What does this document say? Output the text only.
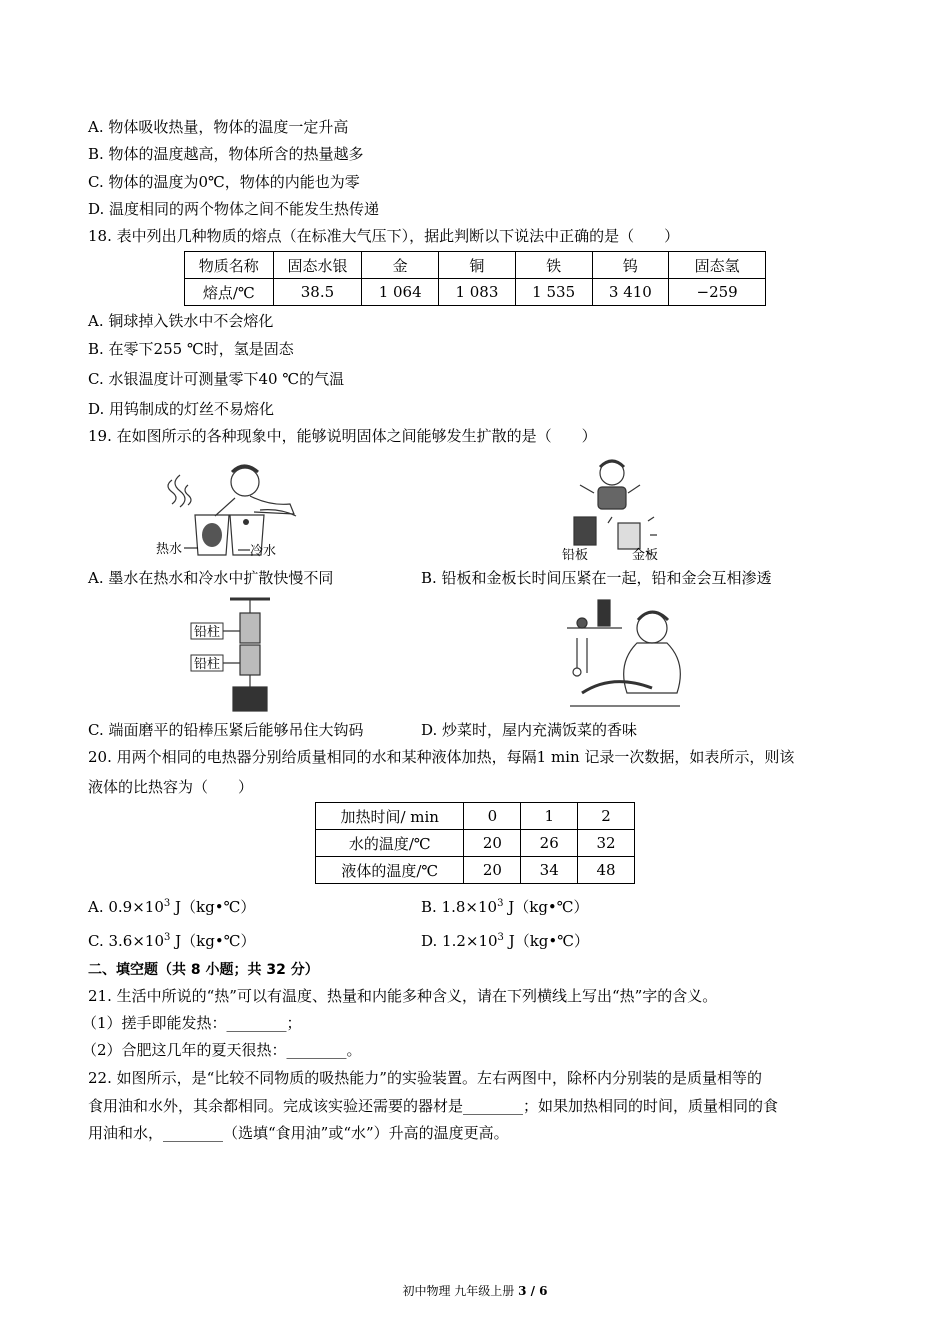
A. 物体吸收热量，物体的温度一定升高
B. 物体的温度越高，物体所含的热量越多
C. 物体的温度为0℃，物体的内能也为零
D. 温度相同的两个物体之间不能发生热传递
18. 表中列出几种物质的熔点（在标准大气压下），据此判断以下说法中正确的是（　　）
物质名称	固态水银	金	铜	铁	钨	固态氢
熔点/℃	38.5	1 064	1 083	1 535	3 410	−259
A. 铜球掉入铁水中不会熔化
B. 在零下255 ℃时，氢是固态
C. 水银温度计可测量零下40 ℃的气温
D. 用钨制成的灯丝不易熔化
19. 在如图所示的各种现象中，能够说明固体之间能够发生扩散的是（　　）
热水	冷水	铅板	金板
A. 墨水在热水和冷水中扩散快慢不同	B. 铅板和金板长时间压紧在一起，铅和金会互相渗透
铅柱
铅柱
C. 端面磨平的铅棒压紧后能够吊住大钩码	D. 炒菜时，屋内充满饭菜的香味
20. 用两个相同的电热器分别给质量相同的水和某种液体加热，每隔1 min 记录一次数据，如表所示，则该
液体的比热容为（　　）
加热时间/ min	0	1	2
水的温度/℃	20	26	32
液体的温度/℃	20	34	48
A. $0.9\times 10^3$ J（kg•℃）	B. $1.8\times 10^3$ J（kg•℃）
C. $3.6\times 10^3$ J（kg•℃）	D. $1.2\times 10^3$ J（kg•℃）
二、填空题（共 8 小题；共 32 分）
21. 生活中所说的“热”可以有温度、热量和内能多种含义，请在下列横线上写出“热”字的含义。
（1）搓手即能发热：________；
（2）合肥这几年的夏天很热：________。
22. 如图所示，是“比较不同物质的吸热能力”的实验装置。左右两图中，除杯内分别装的是质量相等的
食用油和水外，其余都相同。完成该实验还需要的器材是________；如果加热相同的时间，质量相同的食
用油和水，________（选填“食用油”或“水”）升高的温度更高。
初中物理 九年级上册 3 / 6
